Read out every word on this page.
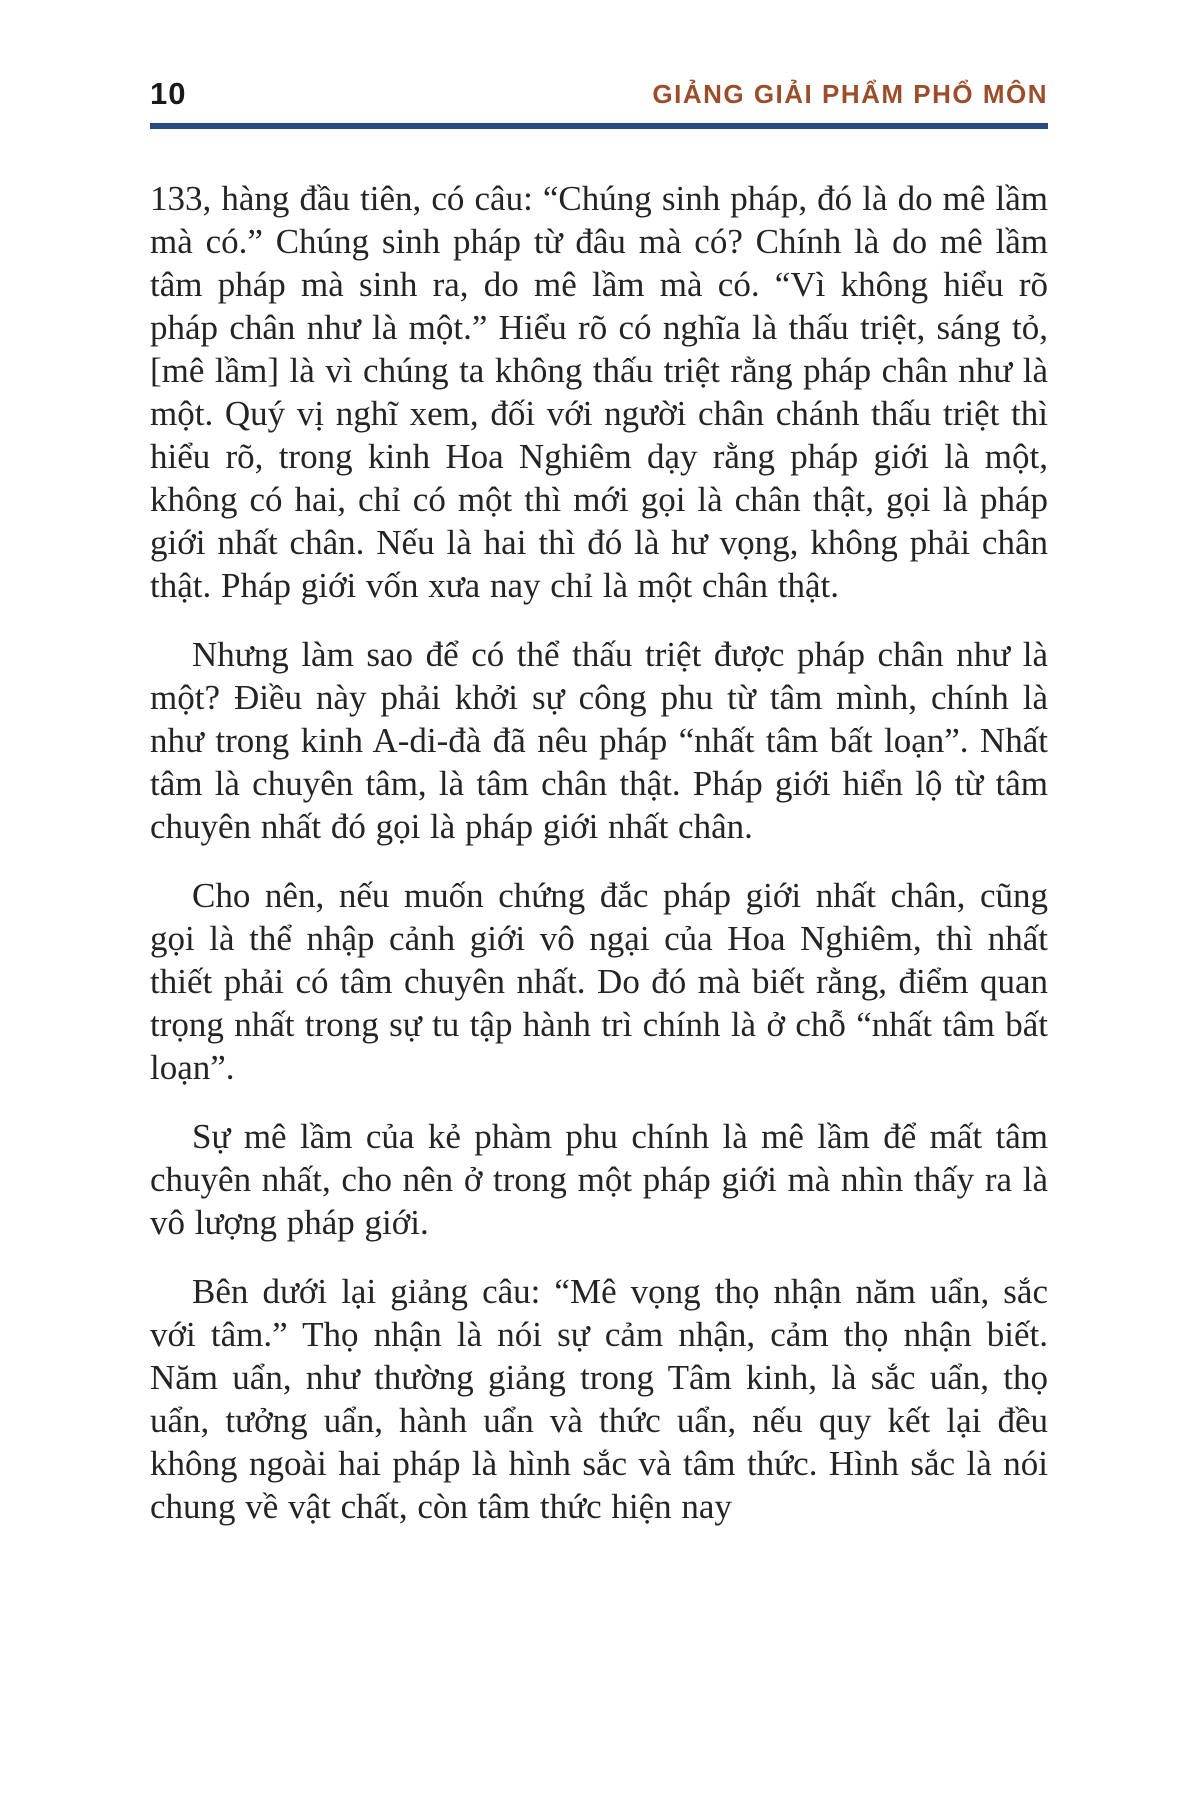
10	GIẢNG GIẢI PHẨM PHỔ MÔN

133, hàng đầu tiên, có câu: “Chúng sinh pháp, đó là do mê lầm mà có.” Chúng sinh pháp từ đâu mà có? Chính là do mê lầm tâm pháp mà sinh ra, do mê lầm mà có. “Vì không hiểu rõ pháp chân như là một.” Hiểu rõ có nghĩa là thấu triệt, sáng tỏ, [mê lầm] là vì chúng ta không thấu triệt rằng pháp chân như là một. Quý vị nghĩ xem, đối với người chân chánh thấu triệt thì hiểu rõ, trong kinh Hoa Nghiêm dạy rằng pháp giới là một, không có hai, chỉ có một thì mới gọi là chân thật, gọi là pháp giới nhất chân. Nếu là hai thì đó là hư vọng, không phải chân thật. Pháp giới vốn xưa nay chỉ là một chân thật.

Nhưng làm sao để có thể thấu triệt được pháp chân như là một? Điều này phải khởi sự công phu từ tâm mình, chính là như trong kinh A-di-đà đã nêu pháp “nhất tâm bất loạn”. Nhất tâm là chuyên tâm, là tâm chân thật. Pháp giới hiển lộ từ tâm chuyên nhất đó gọi là pháp giới nhất chân.

Cho nên, nếu muốn chứng đắc pháp giới nhất chân, cũng gọi là thể nhập cảnh giới vô ngại của Hoa Nghiêm, thì nhất thiết phải có tâm chuyên nhất. Do đó mà biết rằng, điểm quan trọng nhất trong sự tu tập hành trì chính là ở chỗ “nhất tâm bất loạn”.

Sự mê lầm của kẻ phàm phu chính là mê lầm để mất tâm chuyên nhất, cho nên ở trong một pháp giới mà nhìn thấy ra là vô lượng pháp giới.

Bên dưới lại giảng câu: “Mê vọng thọ nhận năm uẩn, sắc với tâm.” Thọ nhận là nói sự cảm nhận, cảm thọ nhận biết. Năm uẩn, như thường giảng trong Tâm kinh, là sắc uẩn, thọ uẩn, tưởng uẩn, hành uẩn và thức uẩn, nếu quy kết lại đều không ngoài hai pháp là hình sắc và tâm thức. Hình sắc là nói chung về vật chất, còn tâm thức hiện nay
